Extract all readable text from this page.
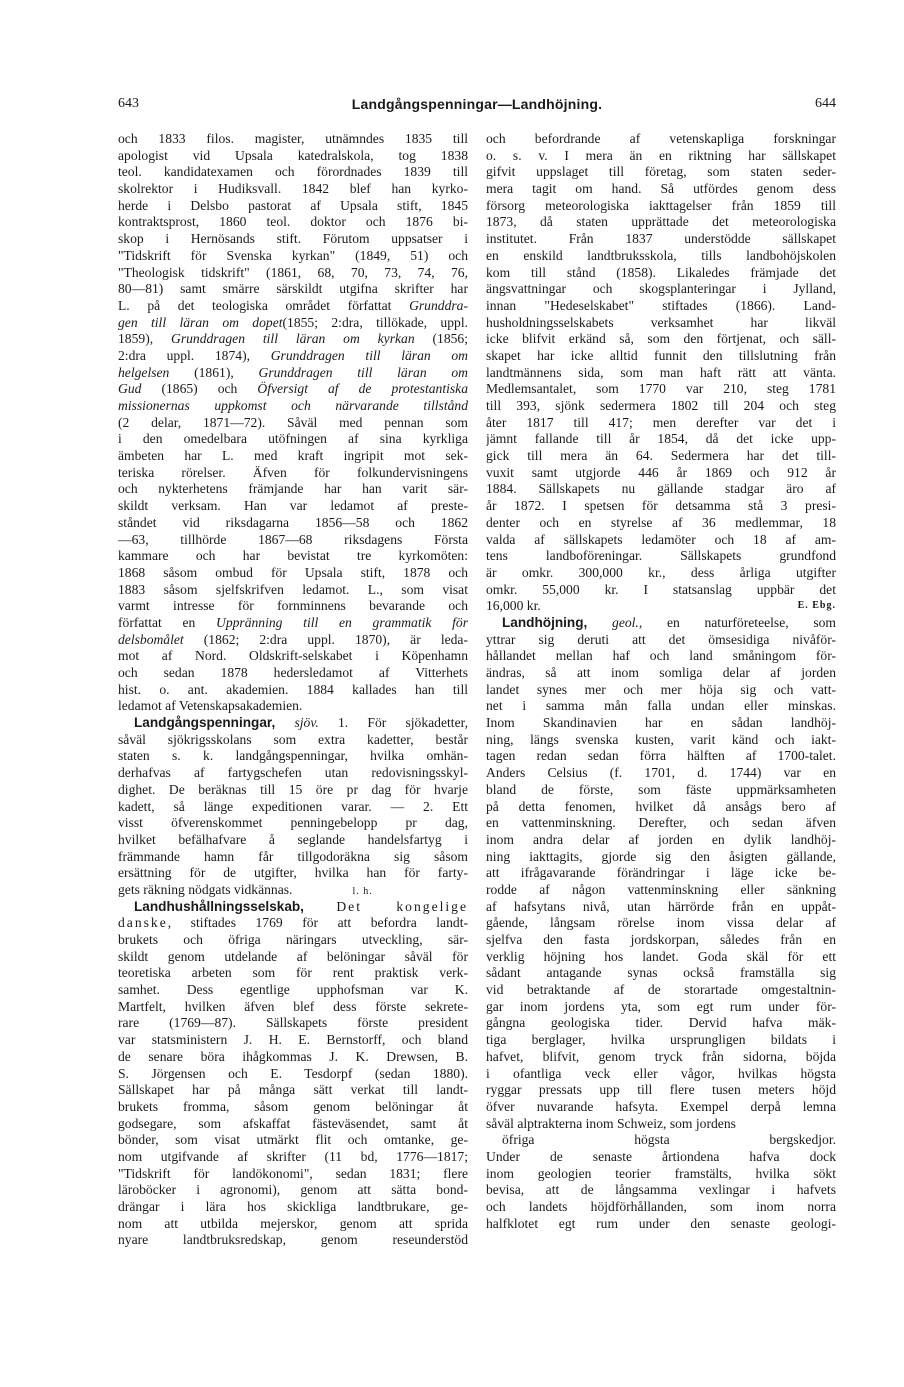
643	Landgångspenningar—Landhöjning.	644
och 1833 filos. magister, utnämndes 1835 till
apologist vid Upsala katedralskola, tog 1838
teol. kandidatexamen och förordnades 1839 till
skolrektor i Hudiksvall. 1842 blef han kyrko-
herde i Delsbo pastorat af Upsala stift, 1845
kontraktsprost, 1860 teol. doktor och 1876 bi-
skop i Hernösands stift. Förutom uppsatser i
"Tidskrift för Svenska kyrkan" (1849, 51) och
"Theologisk tidskrift" (1861, 68, 70, 73, 74, 76,
80—81) samt smärre särskildt utgifna skrifter har
L. på det teologiska området författat Grunddra-
gen till läran om dopet(1855; 2:dra, tillökade, uppl.
1859), Grunddragen till läran om kyrkan (1856;
2:dra uppl. 1874), Grunddragen till läran om
helgelsen (1861), Grunddragen till läran om
Gud (1865) och Öfversigt af de protestantiska
missionernas uppkomst och närvarande tillstånd
(2 delar, 1871—72). Såväl med pennan som
i den omedelbara utöfningen af sina kyrkliga
ämbeten har L. med kraft ingripit mot sek-
teriska rörelser. Äfven för folkundervisningens
och nykterhetens främjande har han varit sär-
skildt verksam. Han var ledamot af preste-
ståndet vid riksdagarna 1856—58 och 1862
—63, tillhörde 1867—68 riksdagens Första
kammare och har bevistat tre kyrkomöten:
1868 såsom ombud för Upsala stift, 1878 och
1883 såsom sjelfskrifven ledamot. L., som visat
varmt intresse för fornminnens bevarande och
författat en Uppränning till en grammatik för
delsbomålet (1862; 2:dra uppl. 1870), är leda-
mot af Nord. Oldskrift-selskabet i Köpenhamn
och sedan 1878 hedersledamot af Vitterhets
hist. o. ant. akademien. 1884 kallades han till
ledamot af Vetenskapsakademien.
Landgångspenningar, sjöv. 1. För sjökadetter,
såväl sjökrigsskolans som extra kadetter, består
staten s. k. landgångspenningar, hvilka omhän-
derhafvas af fartygschefen utan redovisningsskyl-
dighet. De beräknas till 15 öre pr dag för hvarje
kadett, så länge expeditionen varar. — 2. Ett
visst öfverenskommet penningebelopp pr dag,
hvilket befälhafvare å seglande handelsfartyg i
främmande hamn får tillgodoräkna sig såsom
ersättning för de utgifter, hvilka han för farty-
gets räkning nödgats vidkännas.	l. h.
Landhushållningsselskab, Det kongelige
danske, stiftades 1769 för att befordra landt-
brukets och öfriga näringars utveckling, sär-
skildt genom utdelande af belöningar såväl för
teoretiska arbeten som för rent praktisk verk-
samhet. Dess egentlige upphofsman var K.
Martfelt, hvilken äfven blef dess förste sekrete-
rare (1769—87). Sällskapets förste president
var statsministern J. H. E. Bernstorff, och bland
de senare böra ihågkommas J. K. Drewsen, B.
S. Jörgensen och E. Tesdorpf (sedan 1880).
Sällskapet har på många sätt verkat till landt-
brukets fromma, såsom genom belöningar åt
godsegare, som afskaffat fästeväsendet, samt åt
bönder, som visat utmärkt flit och omtanke, ge-
nom utgifvande af skrifter (11 bd, 1776—1817;
"Tidskrift för landökonomi", sedan 1831; flere
läroböcker i agronomi), genom att sätta bond-
drängar i lära hos skickliga landtbrukare, ge-
nom att utbilda mejerskor, genom att sprida
nyare landtbruksredskap, genom reseunderstöd
och befordrande af vetenskapliga forskningar
o. s. v. I mera än en riktning har sällskapet
gifvit uppslaget till företag, som staten seder-
mera tagit om hand. Så utfördes genom dess
försorg meteorologiska iakttagelser från 1859 till
1873, då staten upprättade det meteorologiska
institutet. Från 1837 understödde sällskapet
en enskild landtbruksskola, tills landbohöjskolen
kom till stånd (1858). Likaledes främjade det
ängsvattningar och skogsplanteringar i Jylland,
innan "Hedeselskabet" stiftades (1866). Land-
husholdningsselskabets verksamhet har likväl
icke blifvit erkänd så, som den förtjenat, och säll-
skapet har icke alltid funnit den tillslutning från
landtmännens sida, som man haft rätt att vänta.
Medlemsantalet, som 1770 var 210, steg 1781
till 393, sjönk sedermera 1802 till 204 och steg
åter 1817 till 417; men derefter var det i
jämnt fallande till år 1854, då det icke upp-
gick till mera än 64. Sedermera har det till-
vuxit samt utgjorde 446 år 1869 och 912 år
1884. Sällskapets nu gällande stadgar äro af
år 1872. I spetsen för detsamma stå 3 presi-
denter och en styrelse af 36 medlemmar, 18
valda af sällskapets ledamöter och 18 af am-
tens landboföreningar. Sällskapets grundfond
är omkr. 300,000 kr., dess årliga utgifter
omkr. 55,000 kr. I statsanslag uppbär det
16,000 kr.	E. Ebg.
Landhöjning, geol., en naturföreteelse, som
yttrar sig deruti att det ömsesidiga nivåför-
hållandet mellan haf och land småningom för-
ändras, så att inom somliga delar af jorden
landet synes mer och mer höja sig och vatt-
net i samma mån falla undan eller minskas.
Inom Skandinavien har en sådan landhöj-
ning, längs svenska kusten, varit känd och iakt-
tagen redan sedan förra hälften af 1700-talet.
Anders Celsius (f. 1701, d. 1744) var en
bland de förste, som fäste uppmärksamheten
på detta fenomen, hvilket då ansågs bero af
en vattenminskning. Derefter, och sedan äfven
inom andra delar af jorden en dylik landhöj-
ning iakttagits, gjorde sig den åsigten gällande,
att ifrågavarande förändringar i läge icke be-
rodde af någon vattenminskning eller sänkning
af hafsytans nivå, utan härrörde från en uppåt-
gående, långsam rörelse inom vissa delar af
sjelfva den fasta jordskorpan, således från en
verklig höjning hos landet. Goda skäl för ett
sådant antagande synas också framställa sig
vid betraktande af de storartade omgestaltnin-
gar inom jordens yta, som egt rum under för-
gångna geologiska tider. Dervid hafva mäk-
tiga berglager, hvilka ursprungligen bildats i
hafvet, blifvit, genom tryck från sidorna, böjda
i ofantliga veck eller vågor, hvilkas högsta
ryggar pressats upp till flere tusen meters höjd
öfver nuvarande hafsyta. Exempel derpå lemna
såväl alptrakterna inom Schweiz, som jordens
öfriga högsta bergskedjor.
Under de senaste årtiondena hafva dock
inom geologien teorier framstälts, hvilka sökt
bevisa, att de långsamma vexlingar i hafvets
och landets höjdförhållanden, som inom norra
halfklotet egt rum under den senaste geologi-
